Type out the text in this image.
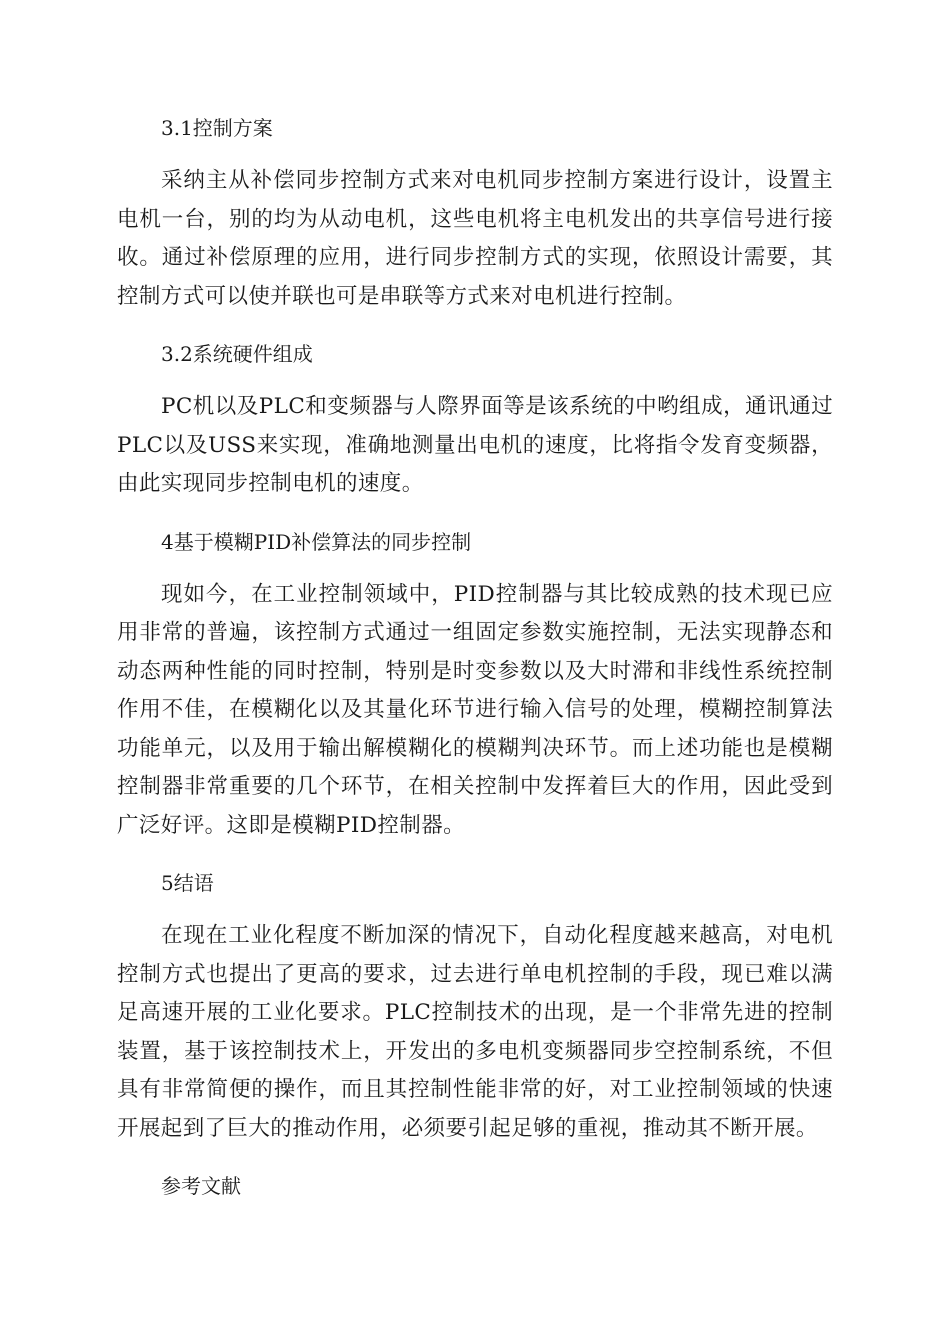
3.1控制方案

采纳主从补偿同步控制方式来对电机同步控制方案进行设计，设置主电机一台，别的均为从动电机，这些电机将主电机发出的共享信号进行接收。通过补偿原理的应用，进行同步控制方式的实现，依照设计需要，其控制方式可以使并联也可是串联等方式来对电机进行控制。

3.2系统硬件组成

PC机以及PLC和变频器与人際界面等是该系统的中哟组成，通讯通过PLC以及USS来实现，准确地测量出电机的速度，比将指令发育变频器，由此实现同步控制电机的速度。

4基于模糊PID补偿算法的同步控制

现如今，在工业控制领域中，PID控制器与其比较成熟的技术现已应用非常的普遍，该控制方式通过一组固定参数实施控制，无法实现静态和动态两种性能的同时控制，特别是时变参数以及大时滞和非线性系统控制作用不佳，在模糊化以及其量化环节进行输入信号的处理，模糊控制算法功能单元，以及用于输出解模糊化的模糊判决环节。而上述功能也是模糊控制器非常重要的几个环节，在相关控制中发挥着巨大的作用，因此受到广泛好评。这即是模糊PID控制器。

5结语

在现在工业化程度不断加深的情况下，自动化程度越来越高，对电机控制方式也提出了更高的要求，过去进行单电机控制的手段，现已难以满足高速开展的工业化要求。PLC控制技术的出现，是一个非常先进的控制装置，基于该控制技术上，开发出的多电机变频器同步空控制系统，不但具有非常简便的操作，而且其控制性能非常的好，对工业控制领域的快速开展起到了巨大的推动作用，必须要引起足够的重视，推动其不断开展。

参考文献
